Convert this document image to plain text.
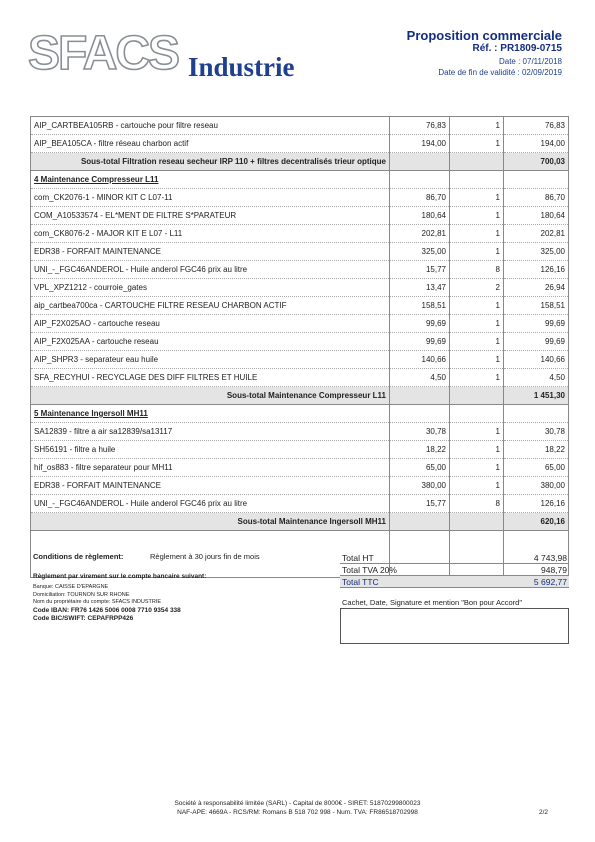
SFACS Industrie
Proposition commerciale
Réf. : PR1809-0715
Date : 07/11/2018
Date de fin de validité : 02/09/2019
AIP_CARTBEA105RB - cartouche pour filtre reseau	76,83	1	76,83
AIP_BEA105CA - filtre réseau charbon actif	194,00	1	194,00
Sous-total Filtration reseau secheur IRP 110 + filtres decentralisés trieur optique			700,03
4 Maintenance Compresseur L11			
com_CK2076-1 - MINOR KIT C L07-11	86,70	1	86,70
COM_A10533574 - EL*MENT DE FILTRE S*PARATEUR	180,64	1	180,64
com_CK8076-2 - MAJOR KIT E L07 - L11	202,81	1	202,81
EDR38 - FORFAIT MAINTENANCE	325,00	1	325,00
UNI_-_FGC46ANDEROL - Huile anderol FGC46 prix au litre	15,77	8	126,16
VPL_XPZ1212 - courroie_gates	13,47	2	26,94
aip_cartbea700ca - CARTOUCHE FILTRE RESEAU CHARBON ACTIF	158,51	1	158,51
AIP_F2X025AO - cartouche reseau	99,69	1	99,69
AIP_F2X025AA - cartouche reseau	99,69	1	99,69
AIP_SHPR3 - separateur eau huile	140,66	1	140,66
SFA_RECYHUI - RECYCLAGE DES DIFF FILTRES ET HUILE	4,50	1	4,50
Sous-total Maintenance Compresseur L11			1 451,30
5 Maintenance Ingersoll MH11			
SA12839 - filtre a air sa12839/sa13117	30,78	1	30,78
SH56191 - filtre a huile	18,22	1	18,22
hif_os883 - filtre separateur pour MH11	65,00	1	65,00
EDR38 - FORFAIT MAINTENANCE	380,00	1	380,00
UNI_-_FGC46ANDEROL - Huile anderol FGC46 prix au litre	15,77	8	126,16
Sous-total Maintenance Ingersoll MH11			620,16

Conditions de règlement:	Règlement à 30 jours fin de mois
Règlement par virement sur le compte bancaire suivant:
Banque: CAISSE D'EPARGNE
Domiciliation: TOURNON SUR RHONE
Nom du propriétaire du compte: SFACS INDUSTRIE
Code IBAN: FR76 1426 5006 0008 7710 9354 338
Code BIC/SWIFT: CEPAFRPP426
Total HT	4 743,98
Total TVA 20%	948,79
Total TTC	5 692,77
Cachet, Date, Signature et mention "Bon pour Accord"
Société à responsabilité limitée (SARL) - Capital de 8000€ - SIRET: 51870299800023
NAF-APE: 4669A - RCS/RM: Romans B 518 702 998 - Num. TVA: FR86518702998	2/2
